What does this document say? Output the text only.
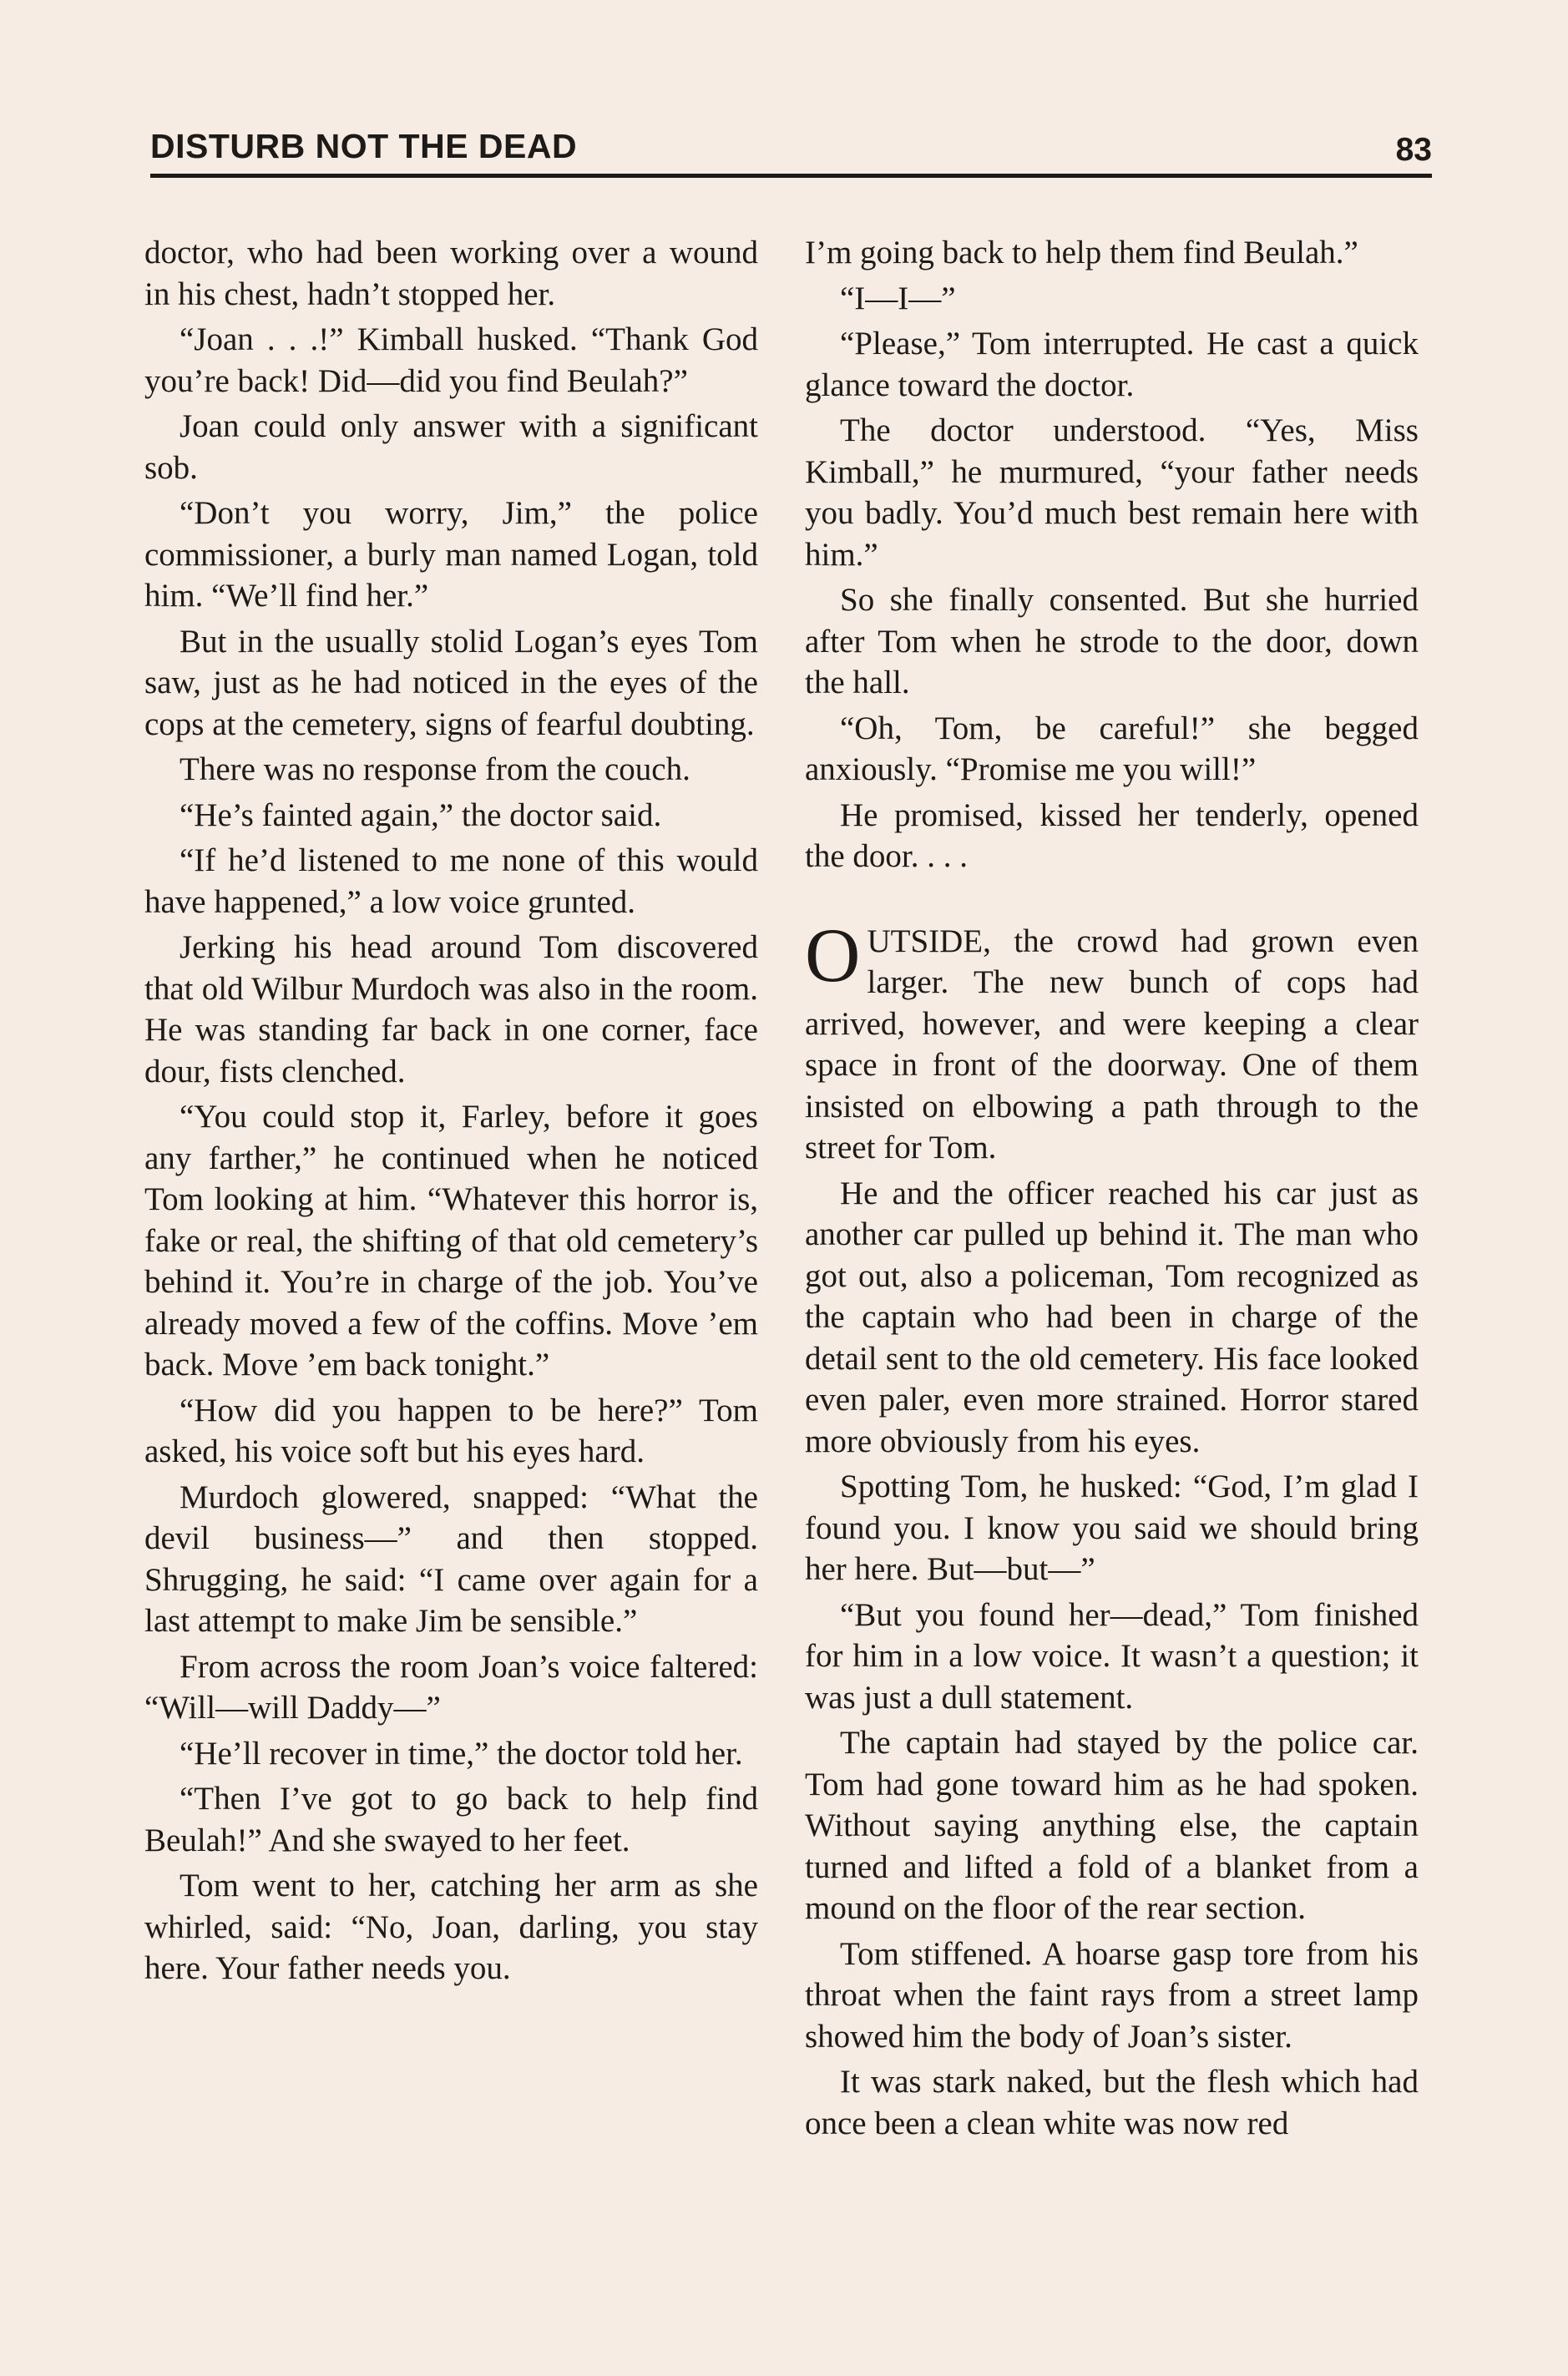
DISTURB NOT THE DEAD	83

doctor, who had been working over a wound in his chest, hadn’t stopped her.

“Joan . . .!” Kimball husked. “Thank God you’re back! Did—did you find Beulah?”

Joan could only answer with a significant sob.

“Don’t you worry, Jim,” the police commissioner, a burly man named Logan, told him. “We’ll find her.”

But in the usually stolid Logan’s eyes Tom saw, just as he had noticed in the eyes of the cops at the cemetery, signs of fearful doubting.

There was no response from the couch.

“He’s fainted again,” the doctor said.

“If he’d listened to me none of this would have happened,” a low voice grunted.

Jerking his head around Tom discovered that old Wilbur Murdoch was also in the room. He was standing far back in one corner, face dour, fists clenched.

“You could stop it, Farley, before it goes any farther,” he continued when he noticed Tom looking at him. “Whatever this horror is, fake or real, the shifting of that old cemetery’s behind it. You’re in charge of the job. You’ve already moved a few of the coffins. Move ’em back. Move ’em back tonight.”

“How did you happen to be here?” Tom asked, his voice soft but his eyes hard.

Murdoch glowered, snapped: “What the devil business—” and then stopped. Shrugging, he said: “I came over again for a last attempt to make Jim be sensible.”

From across the room Joan’s voice faltered: “Will—will Daddy—”

“He’ll recover in time,” the doctor told her.

“Then I’ve got to go back to help find Beulah!” And she swayed to her feet.

Tom went to her, catching her arm as she whirled, said: “No, Joan, darling, you stay here. Your father needs you.

I’m going back to help them find Beulah.”

“I—I—”

“Please,” Tom interrupted. He cast a quick glance toward the doctor.

The doctor understood. “Yes, Miss Kimball,” he murmured, “your father needs you badly. You’d much best remain here with him.”

So she finally consented. But she hurried after Tom when he strode to the door, down the hall.

“Oh, Tom, be careful!” she begged anxiously. “Promise me you will!”

He promised, kissed her tenderly, opened the door. . . .

OUTSIDE, the crowd had grown even larger. The new bunch of cops had arrived, however, and were keeping a clear space in front of the doorway. One of them insisted on elbowing a path through to the street for Tom.

He and the officer reached his car just as another car pulled up behind it. The man who got out, also a policeman, Tom recognized as the captain who had been in charge of the detail sent to the old cemetery. His face looked even paler, even more strained. Horror stared more obviously from his eyes.

Spotting Tom, he husked: “God, I’m glad I found you. I know you said we should bring her here. But—but—”

“But you found her—dead,” Tom finished for him in a low voice. It wasn’t a question; it was just a dull statement.

The captain had stayed by the police car. Tom had gone toward him as he had spoken. Without saying anything else, the captain turned and lifted a fold of a blanket from a mound on the floor of the rear section.

Tom stiffened. A hoarse gasp tore from his throat when the faint rays from a street lamp showed him the body of Joan’s sister.

It was stark naked, but the flesh which had once been a clean white was now red
